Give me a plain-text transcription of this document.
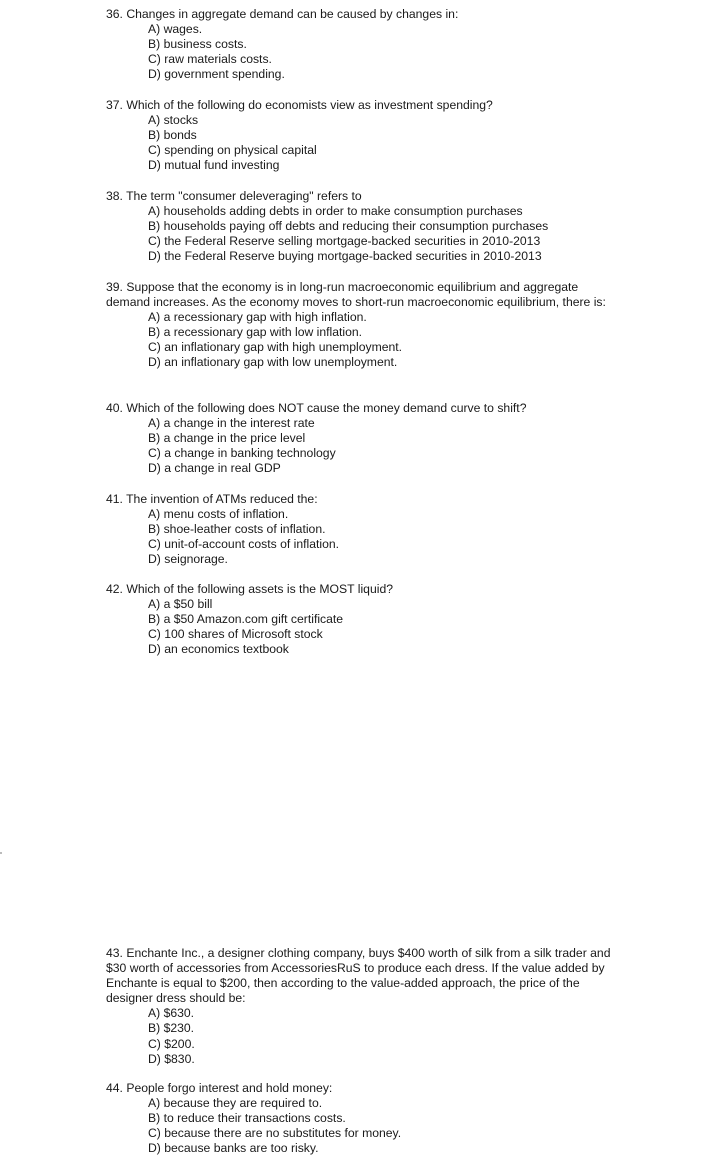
36. Changes in aggregate demand can be caused by changes in:

A) wages.
B) business costs.
C) raw materials costs.
D) government spending.

37. Which of the following do economists view as investment spending?

A) stocks
B) bonds
C) spending on physical capital
D) mutual fund investing

38. The term "consumer deleveraging" refers to

A) households adding debts in order to make consumption purchases
B) households paying off debts and reducing their consumption purchases
C) the Federal Reserve selling mortgage-backed securities in 2010-2013
D) the Federal Reserve buying mortgage-backed securities in 2010-2013

39. Suppose that the economy is in long-run macroeconomic equilibrium and aggregate demand increases. As the economy moves to short-run macroeconomic equilibrium, there is:

A) a recessionary gap with high inflation.
B) a recessionary gap with low inflation.
C) an inflationary gap with high unemployment.
D) an inflationary gap with low unemployment.

40. Which of the following does NOT cause the money demand curve to shift?

A) a change in the interest rate
B) a change in the price level
C) a change in banking technology
D) a change in real GDP

41. The invention of ATMs reduced the:

A) menu costs of inflation.
B) shoe-leather costs of inflation.
C) unit-of-account costs of inflation.
D) seignorage.

42. Which of the following assets is the MOST liquid?

A) a $50 bill
B) a $50 Amazon.com gift certificate
C) 100 shares of Microsoft stock
D) an economics textbook

43. Enchante Inc., a designer clothing company, buys $400 worth of silk from a silk trader and $30 worth of accessories from AccessoriesRuS to produce each dress. If the value added by Enchante is equal to $200, then according to the value-added approach, the price of the designer dress should be:

A) $630.
B) $230.
C) $200.
D) $830.

44. People forgo interest and hold money:

A) because they are required to.
B) to reduce their transactions costs.
C) because there are no substitutes for money.
D) because banks are too risky.
